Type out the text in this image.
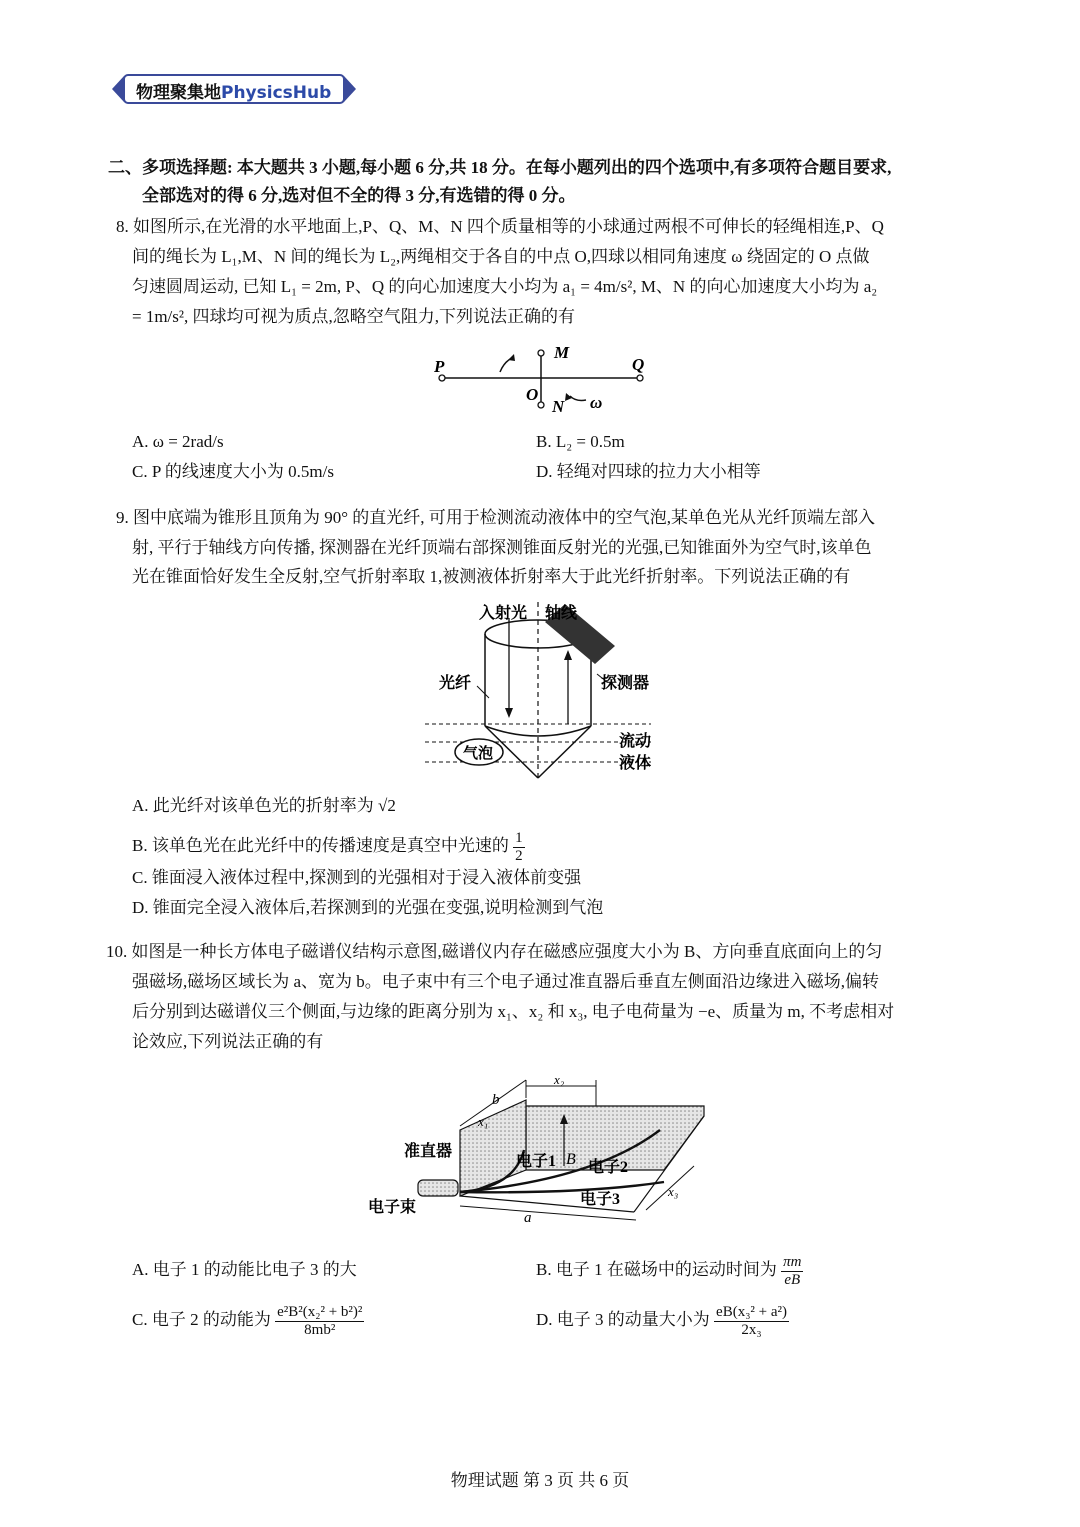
物理聚集地PhysicsHub
二、多项选择题: 本大题共 3 小题,每小题 6 分,共 18 分。在每小题列出的四个选项中,有多项符合题目要求,
全部选对的得 6 分,选对但不全的得 3 分,有选错的得 0 分。
8. 如图所示,在光滑的水平地面上,P、Q、M、N 四个质量相等的小球通过两根不可伸长的轻绳相连,P、Q
间的绳长为 L₁,M、N 间的绳长为 L₂,两绳相交于各自的中点 O,四球以相同角速度 ω 绕固定的 O 点做
匀速圆周运动, 已知 L₁ = 2m, P、Q 的向心加速度大小均为 a₁ = 4m/s², M、N 的向心加速度大小均为 a₂
= 1m/s², 四球均可视为质点,忽略空气阻力,下列说法正确的有
P	Q
M
N
O	ω
A. ω = 2rad/s	B. L₂ = 0.5m
C. P 的线速度大小为 0.5m/s	D. 轻绳对四球的拉力大小相等
9. 图中底端为锥形且顶角为 90° 的直光纤, 可用于检测流动液体中的空气泡,某单色光从光纤顶端左部入
射, 平行于轴线方向传播, 探测器在光纤顶端右部探测锥面反射光的光强,已知锥面外为空气时,该单色
光在锥面恰好发生全反射,空气折射率取 1,被测液体折射率大于此光纤折射率。下列说法正确的有
入射光 轴线
光纤	探测器
气泡
流动
液体
A. 此光纤对该单色光的折射率为 √2
B. 该单色光在此光纤中的传播速度是真空中光速的 $\frac{1}{2}$
C. 锥面浸入液体过程中,探测到的光强相对于浸入液体前变强
D. 锥面完全浸入液体后,若探测到的光强在变强,说明检测到气泡
10. 如图是一种长方体电子磁谱仪结构示意图,磁谱仪内存在磁感应强度大小为 B、方向垂直底面向上的匀
强磁场,磁场区域长为 a、宽为 b。电子束中有三个电子通过准直器后垂直左侧面沿边缘进入磁场,偏转
后分别到达磁谱仪三个侧面,与边缘的距离分别为 x₁、x₂ 和 x₃, 电子电荷量为 −e、质量为 m, 不考虑相对
论效应,下列说法正确的有
准直器
电子束
电子1 电子2
电子3
B
a
b
x₁
x₂
x₃
A. 电子 1 的动能比电子 3 的大	B. 电子 1 在磁场中的运动时间为 $\frac{\pi m}{eB}$
C. 电子 2 的动能为 $\frac{\text{e²B²(x₂² + b²)²}}{\text{8mb²}}$	D. 电子 3 的动量大小为 $\frac{\text{eB(x₃² + a²)}}{\text{2x₃}}$
物理试题 第 3 页 共 6 页
